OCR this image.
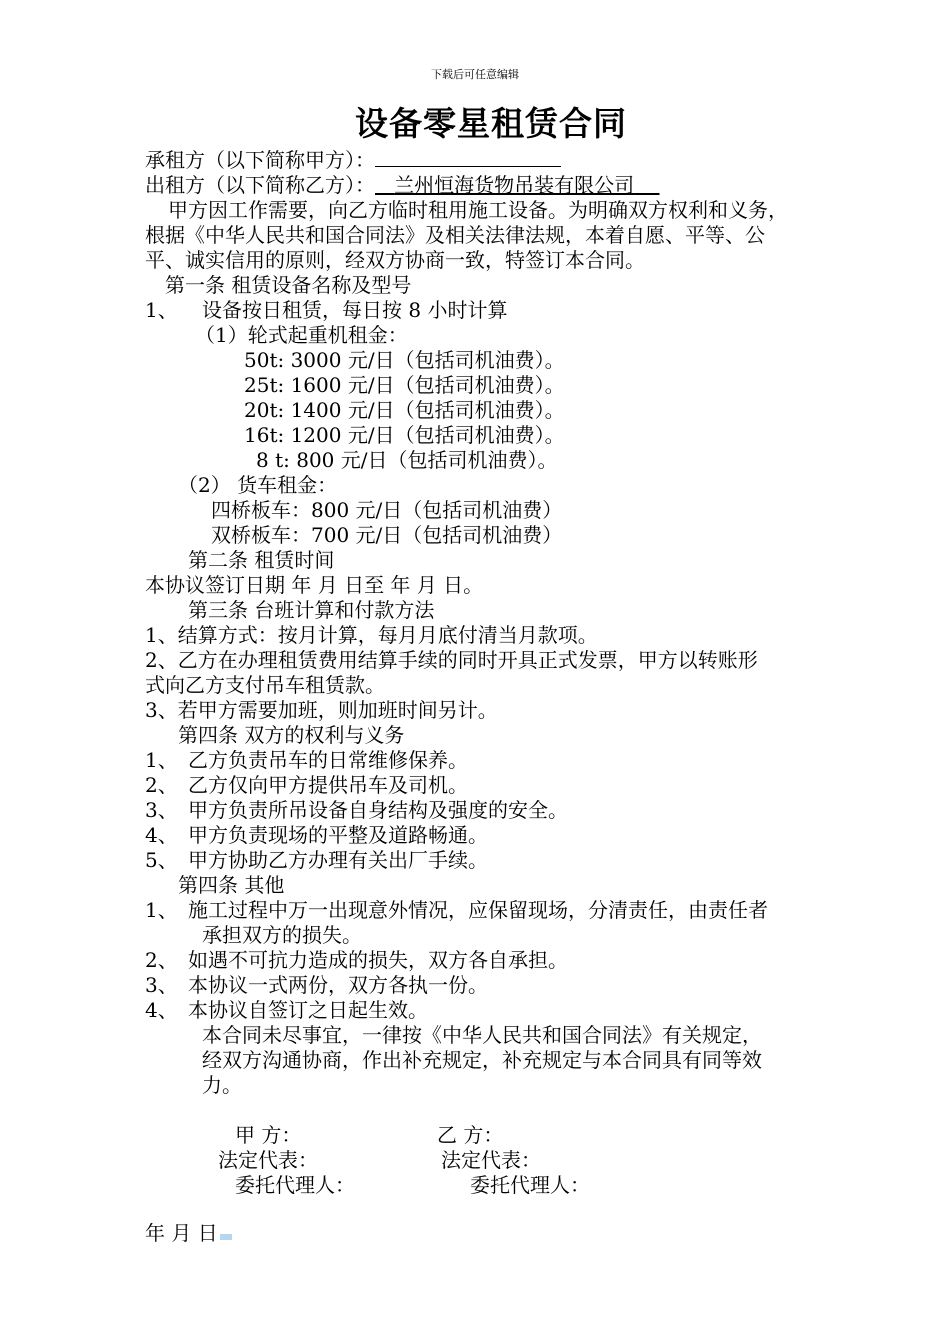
下载后可任意编辑
设备零星租赁合同
承租方（以下简称甲方）：
出租方（以下简称乙方）： 兰州恒海货物吊装有限公司
甲方因工作需要，向乙方临时租用施工设备。为明确双方权利和义务，
根据《中华人民共和国合同法》及相关法律法规，本着自愿、平等、公
平、诚实信用的原则，经双方协商一致，特签订本合同。
第一条 租赁设备名称及型号
1、 设备按日租赁，每日按 8 小时计算
（1）轮式起重机租金：
50t: 3000 元/日（包括司机油费）。
25t: 1600 元/日（包括司机油费）。
20t: 1400 元/日（包括司机油费）。
16t: 1200 元/日（包括司机油费）。
8 t: 800 元/日（包括司机油费）。
（2） 货车租金：
四桥板车：800 元/日（包括司机油费）
双桥板车：700 元/日（包括司机油费）
第二条 租赁时间
本协议签订日期 年 月 日至 年 月 日。
第三条 台班计算和付款方法
1、结算方式：按月计算，每月月底付清当月款项。
2、乙方在办理租赁费用结算手续的同时开具正式发票，甲方以转账形
式向乙方支付吊车租赁款。
3、若甲方需要加班，则加班时间另计。
第四条 双方的权利与义务
1、 乙方负责吊车的日常维修保养。
2、 乙方仅向甲方提供吊车及司机。
3、 甲方负责所吊设备自身结构及强度的安全。
4、 甲方负责现场的平整及道路畅通。
5、 甲方协助乙方办理有关出厂手续。
第四条 其他
1、 施工过程中万一出现意外情况，应保留现场，分清责任，由责任者
承担双方的损失。
2、 如遇不可抗力造成的损失，双方各自承担。
3、 本协议一式两份，双方各执一份。
4、 本协议自签订之日起生效。
本合同未尽事宜，一律按《中华人民共和国合同法》有关规定，
经双方沟通协商，作出补充规定，补充规定与本合同具有同等效
力。
甲 方：	乙 方：
法定代表：	法定代表：
委托代理人：	委托代理人：
年 月 日
